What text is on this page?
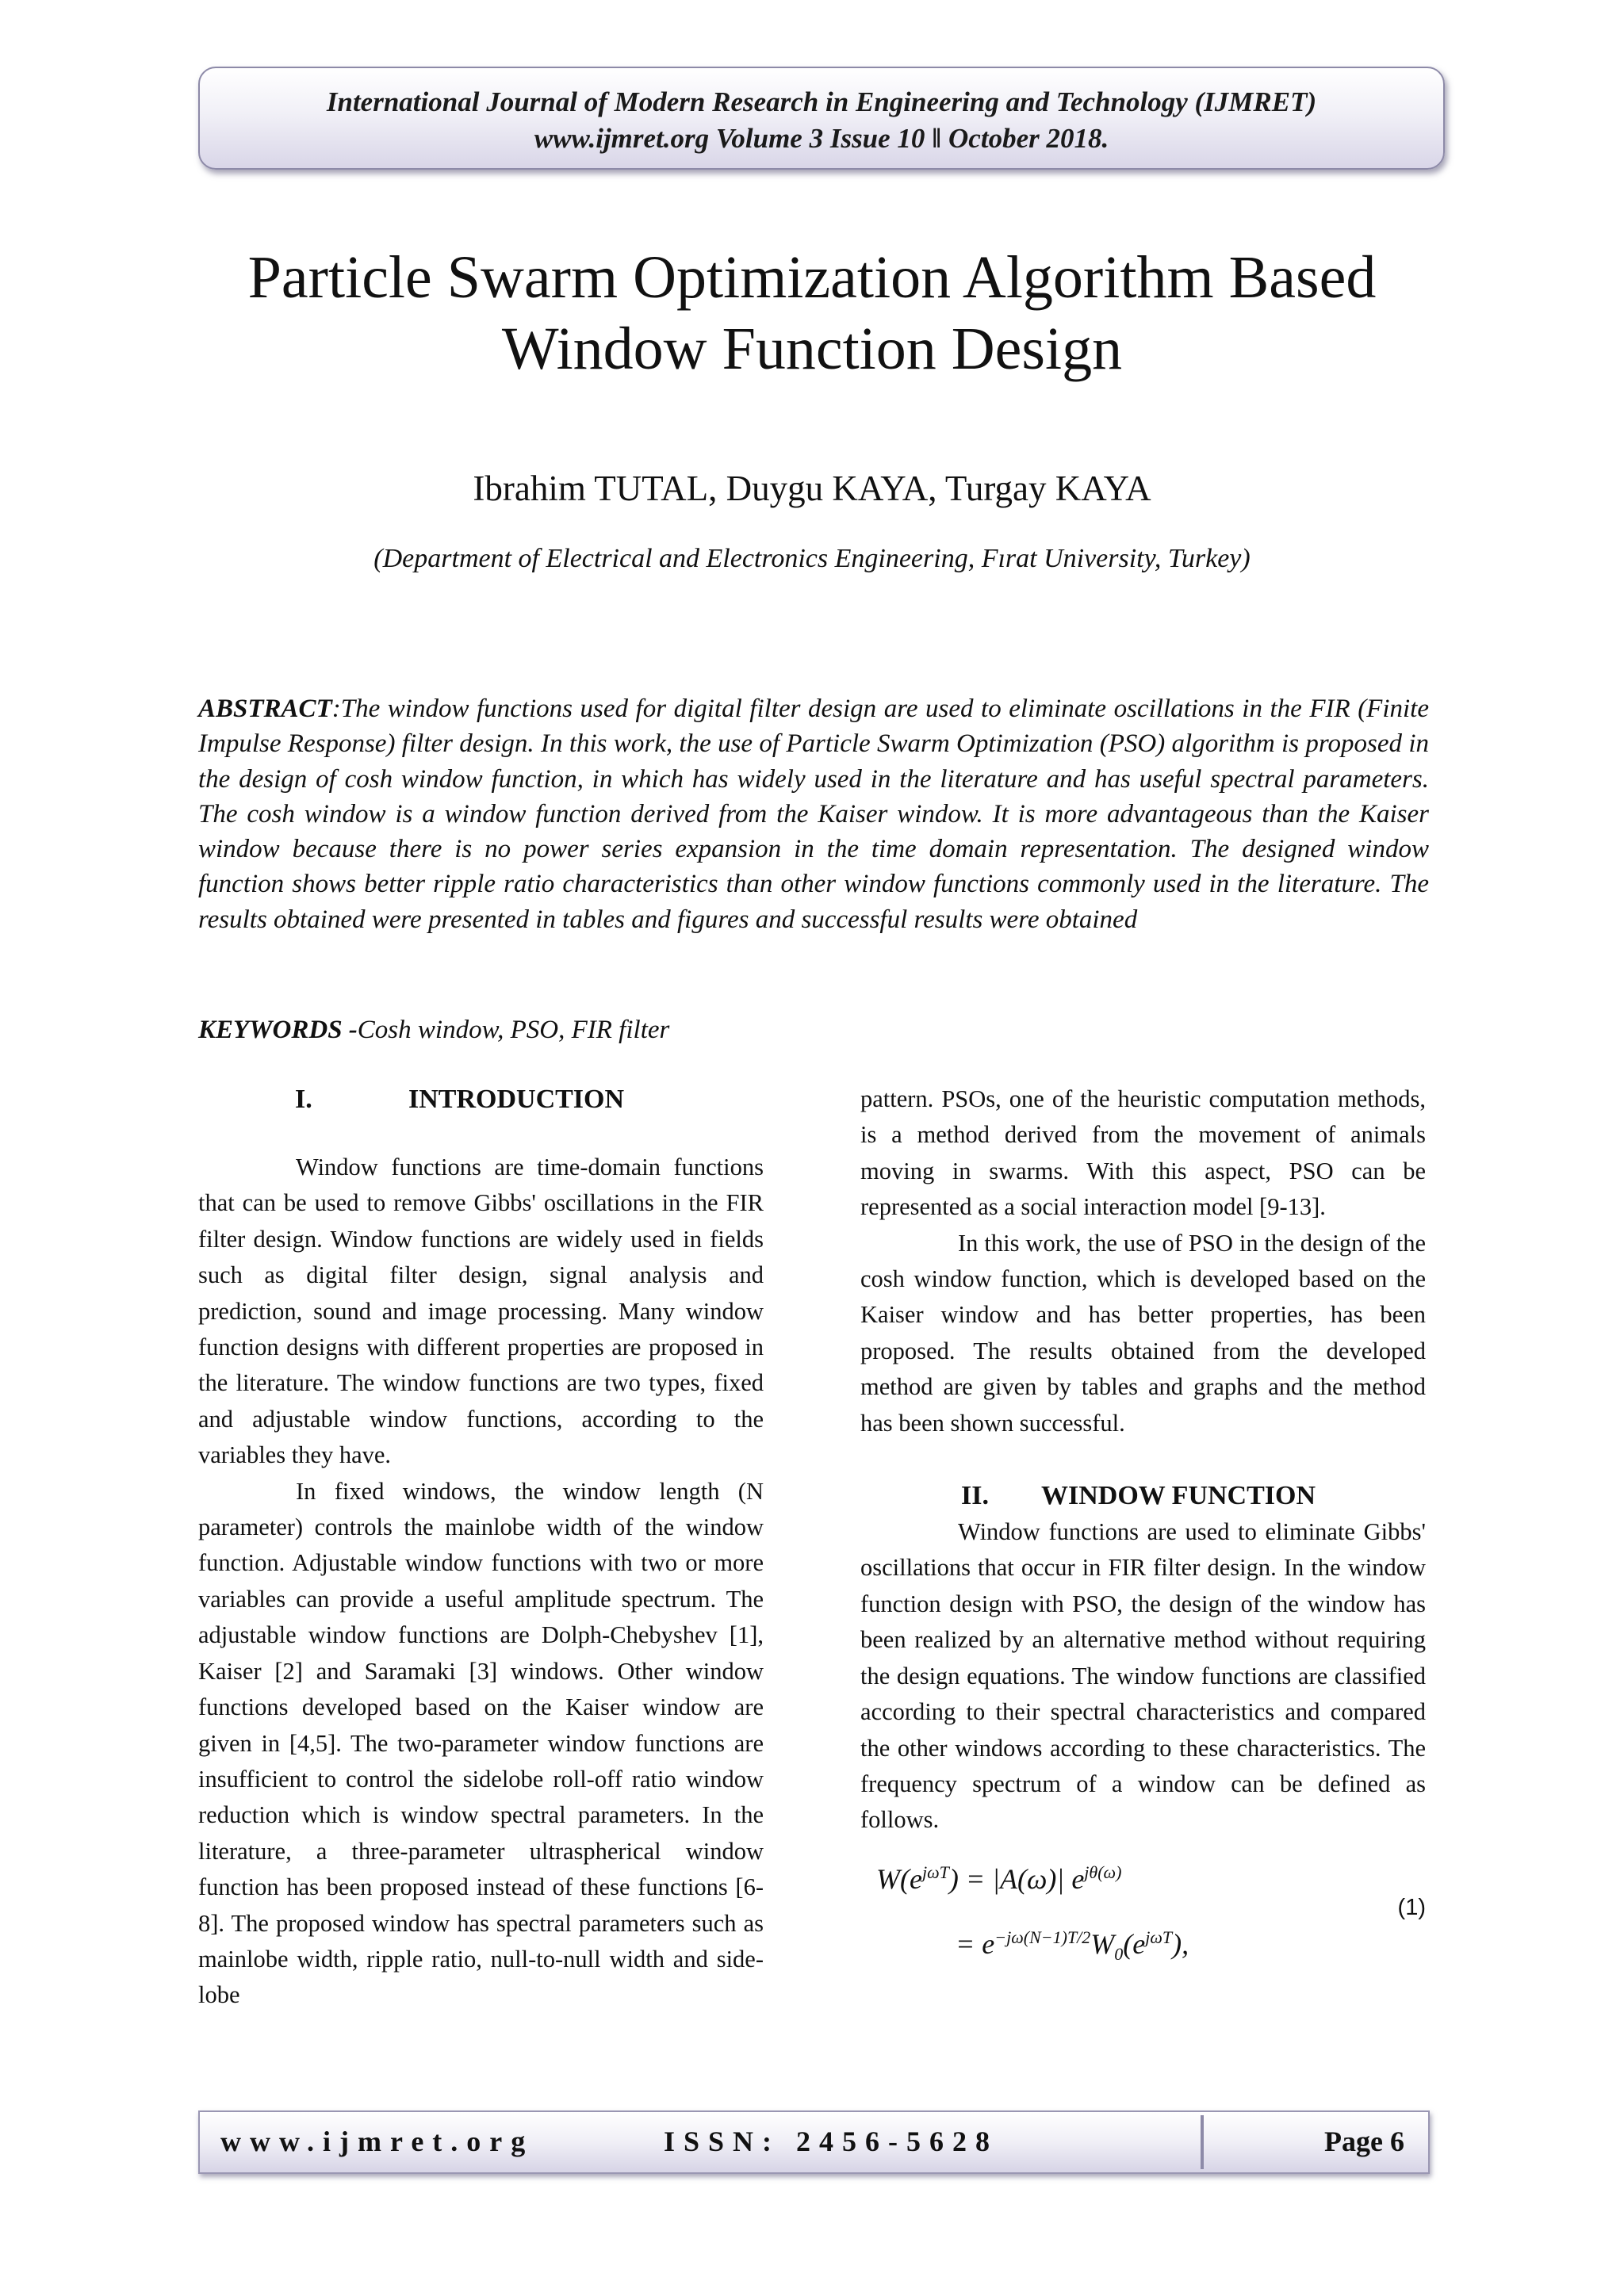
International Journal of Modern Research in Engineering and Technology (IJMRET)
www.ijmret.org Volume 3 Issue 10 ǁ October 2018.
Particle Swarm Optimization Algorithm Based
Window Function Design
Ibrahim TUTAL, Duygu KAYA, Turgay KAYA
(Department of Electrical and Electronics Engineering, Fırat University, Turkey)
ABSTRACT:The window functions used for digital filter design are used to eliminate oscillations in the FIR (Finite Impulse Response) filter design. In this work, the use of Particle Swarm Optimization (PSO) algorithm is proposed in the design of cosh window function, in which has widely used in the literature and has useful spectral parameters. The cosh window is a window function derived from the Kaiser window. It is more advantageous than the Kaiser window because there is no power series expansion in the time domain representation. The designed window function shows better ripple ratio characteristics than other window functions commonly used in the literature. The results obtained were presented in tables and figures and successful results were obtained
KEYWORDS -Cosh window, PSO, FIR filter
I.	INTRODUCTION

Window functions are time-domain functions that can be used to remove Gibbs' oscillations in the FIR filter design. Window functions are widely used in fields such as digital filter design, signal analysis and prediction, sound and image processing. Many window function designs with different properties are proposed in the literature. The window functions are two types, fixed and adjustable window functions, according to the variables they have.

In fixed windows, the window length (N parameter) controls the mainlobe width of the window function. Adjustable window functions with two or more variables can provide a useful amplitude spectrum. The adjustable window functions are Dolph-Chebyshev [1], Kaiser [2] and Saramaki [3] windows. Other window functions developed based on the Kaiser window are given in [4,5]. The two-parameter window functions are insufficient to control the sidelobe roll-off ratio window reduction which is window spectral parameters. In the literature, a three-parameter ultraspherical window function has been proposed instead of these functions [6-8]. The proposed window has spectral parameters such as mainlobe width, ripple ratio, null-to-null width and side-lobe

pattern. PSOs, one of the heuristic computation methods, is a method derived from the movement of animals moving in swarms. With this aspect, PSO can be represented as a social interaction model [9-13].

In this work, the use of PSO in the design of the cosh window function, which is developed based on the Kaiser window and has better properties, has been proposed. The results obtained from the developed method are given by tables and graphs and the method has been shown successful.

II. WINDOW FUNCTION

Window functions are used to eliminate Gibbs' oscillations that occur in FIR filter design. In the window function design with PSO, the design of the window has been realized by an alternative method without requiring the design equations. The window functions are classified according to their spectral characteristics and compared the other windows according to these characteristics. The frequency spectrum of a window can be defined as follows.

$W(e^{j\omega T}) = |A(\omega)|$ $e^{j\theta(\omega)}$
= $e^{-j\omega(N-1)T/2}W_0(e^{j\omega T})$,
(1)
www.ijmret.org	ISSN: 2456-5628	Page 6
